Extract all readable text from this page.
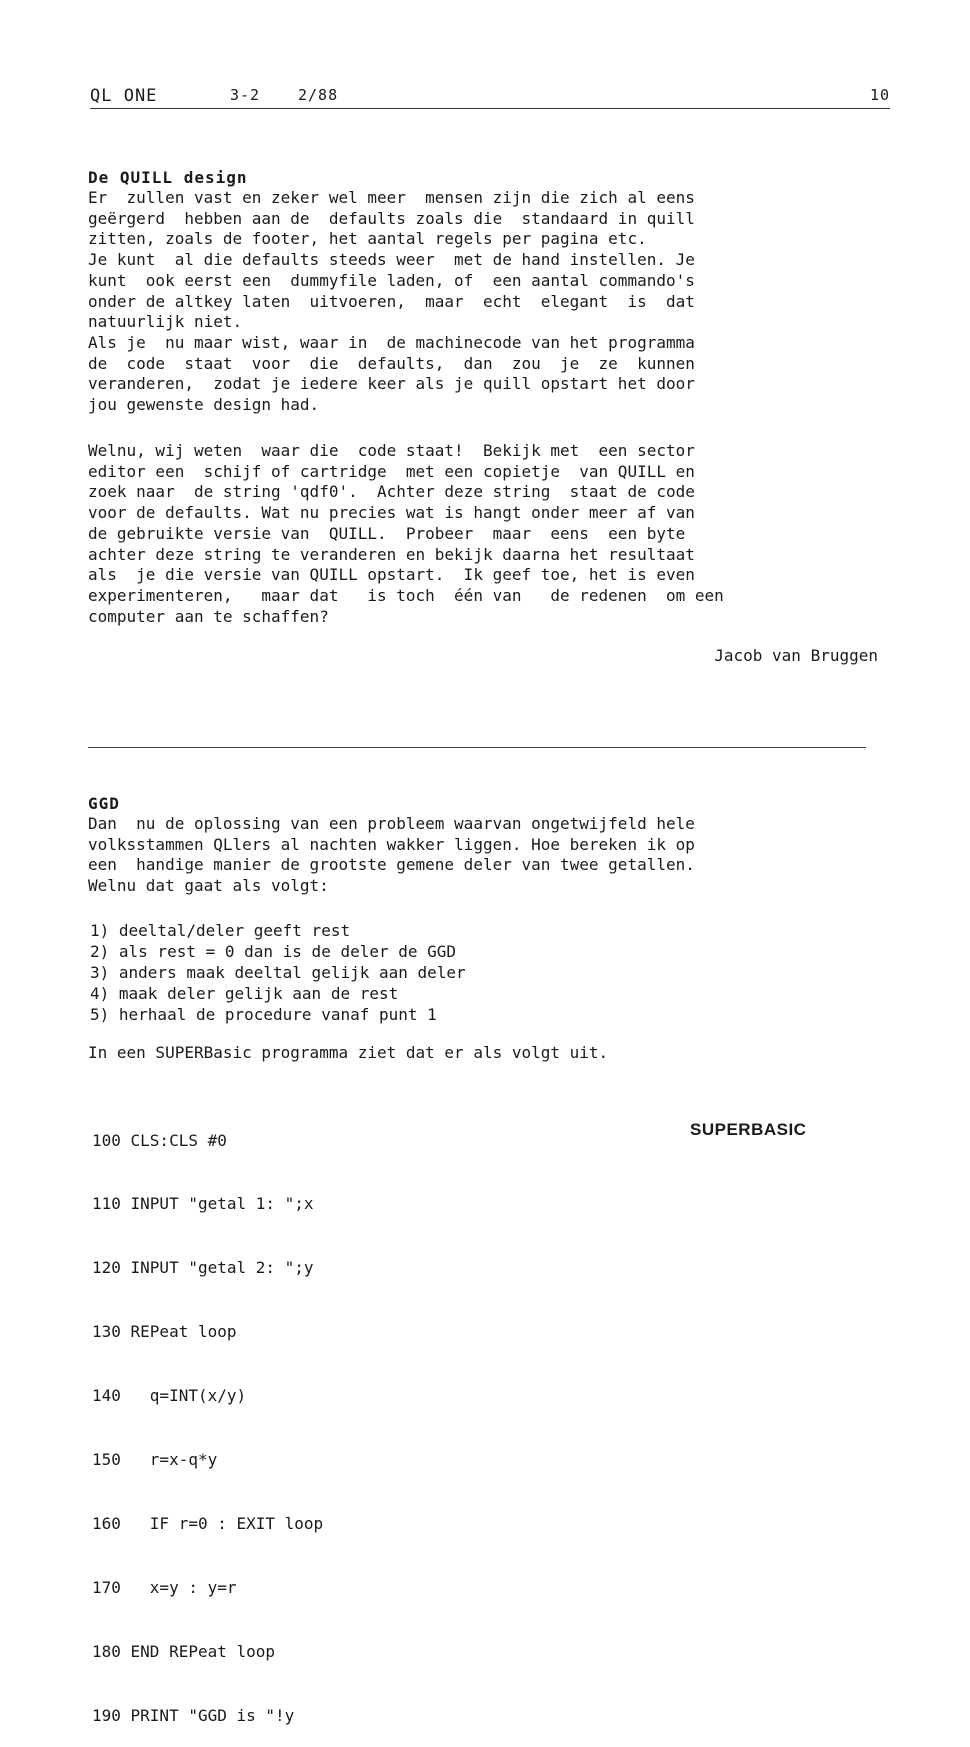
QL ONE	3-2	2/88	10
De QUILL design

Er  zullen vast en zeker wel meer  mensen zijn die zich al eens
geërgerd  hebben aan de  defaults zoals die  standaard in quill
zitten, zoals de footer, het aantal regels per pagina etc.
Je kunt  al die defaults steeds weer  met de hand instellen. Je
kunt  ook eerst een  dummyfile laden, of  een aantal commando's
onder de altkey laten  uitvoeren,  maar  echt  elegant  is  dat
natuurlijk niet.
Als je  nu maar wist, waar in  de machinecode van het programma
de  code  staat  voor  die  defaults,  dan  zou  je  ze  kunnen
veranderen,  zodat je iedere keer als je quill opstart het door
jou gewenste design had.

Welnu, wij weten  waar die  code staat!  Bekijk met  een sector
editor een  schijf of cartridge  met een copietje  van QUILL en
zoek naar  de string 'qdf0'.  Achter deze string  staat de code
voor de defaults. Wat nu precies wat is hangt onder meer af van
de gebruikte versie van  QUILL.  Probeer  maar  eens  een byte
achter deze string te veranderen en bekijk daarna het resultaat
als  je die versie van QUILL opstart.  Ik geef toe, het is even
experimenteren,   maar dat   is toch  één van   de redenen  om een
computer aan te schaffen?

Jacob van Bruggen
GGD

Dan  nu de oplossing van een probleem waarvan ongetwijfeld hele
volksstammen QLlers al nachten wakker liggen. Hoe bereken ik op
een  handige manier de grootste gemene deler van twee getallen.
Welnu dat gaat als volgt:

1) deeltal/deler geeft rest
2) als rest = 0 dan is de deler de GGD
3) anders maak deeltal gelijk aan deler
4) maak deler gelijk aan de rest
5) herhaal de procedure vanaf punt 1

In een SUPERBasic programma ziet dat er als volgt uit.

100 CLS:CLS #0

110 INPUT "getal 1: ";x

120 INPUT "getal 2: ";y

130 REPeat loop

140   q=INT(x/y)

150   r=x-q*y

160   IF r=0 : EXIT loop

170   x=y : y=r

180 END REPeat loop

190 PRINT "GGD is "!y

SUPERBASIC
